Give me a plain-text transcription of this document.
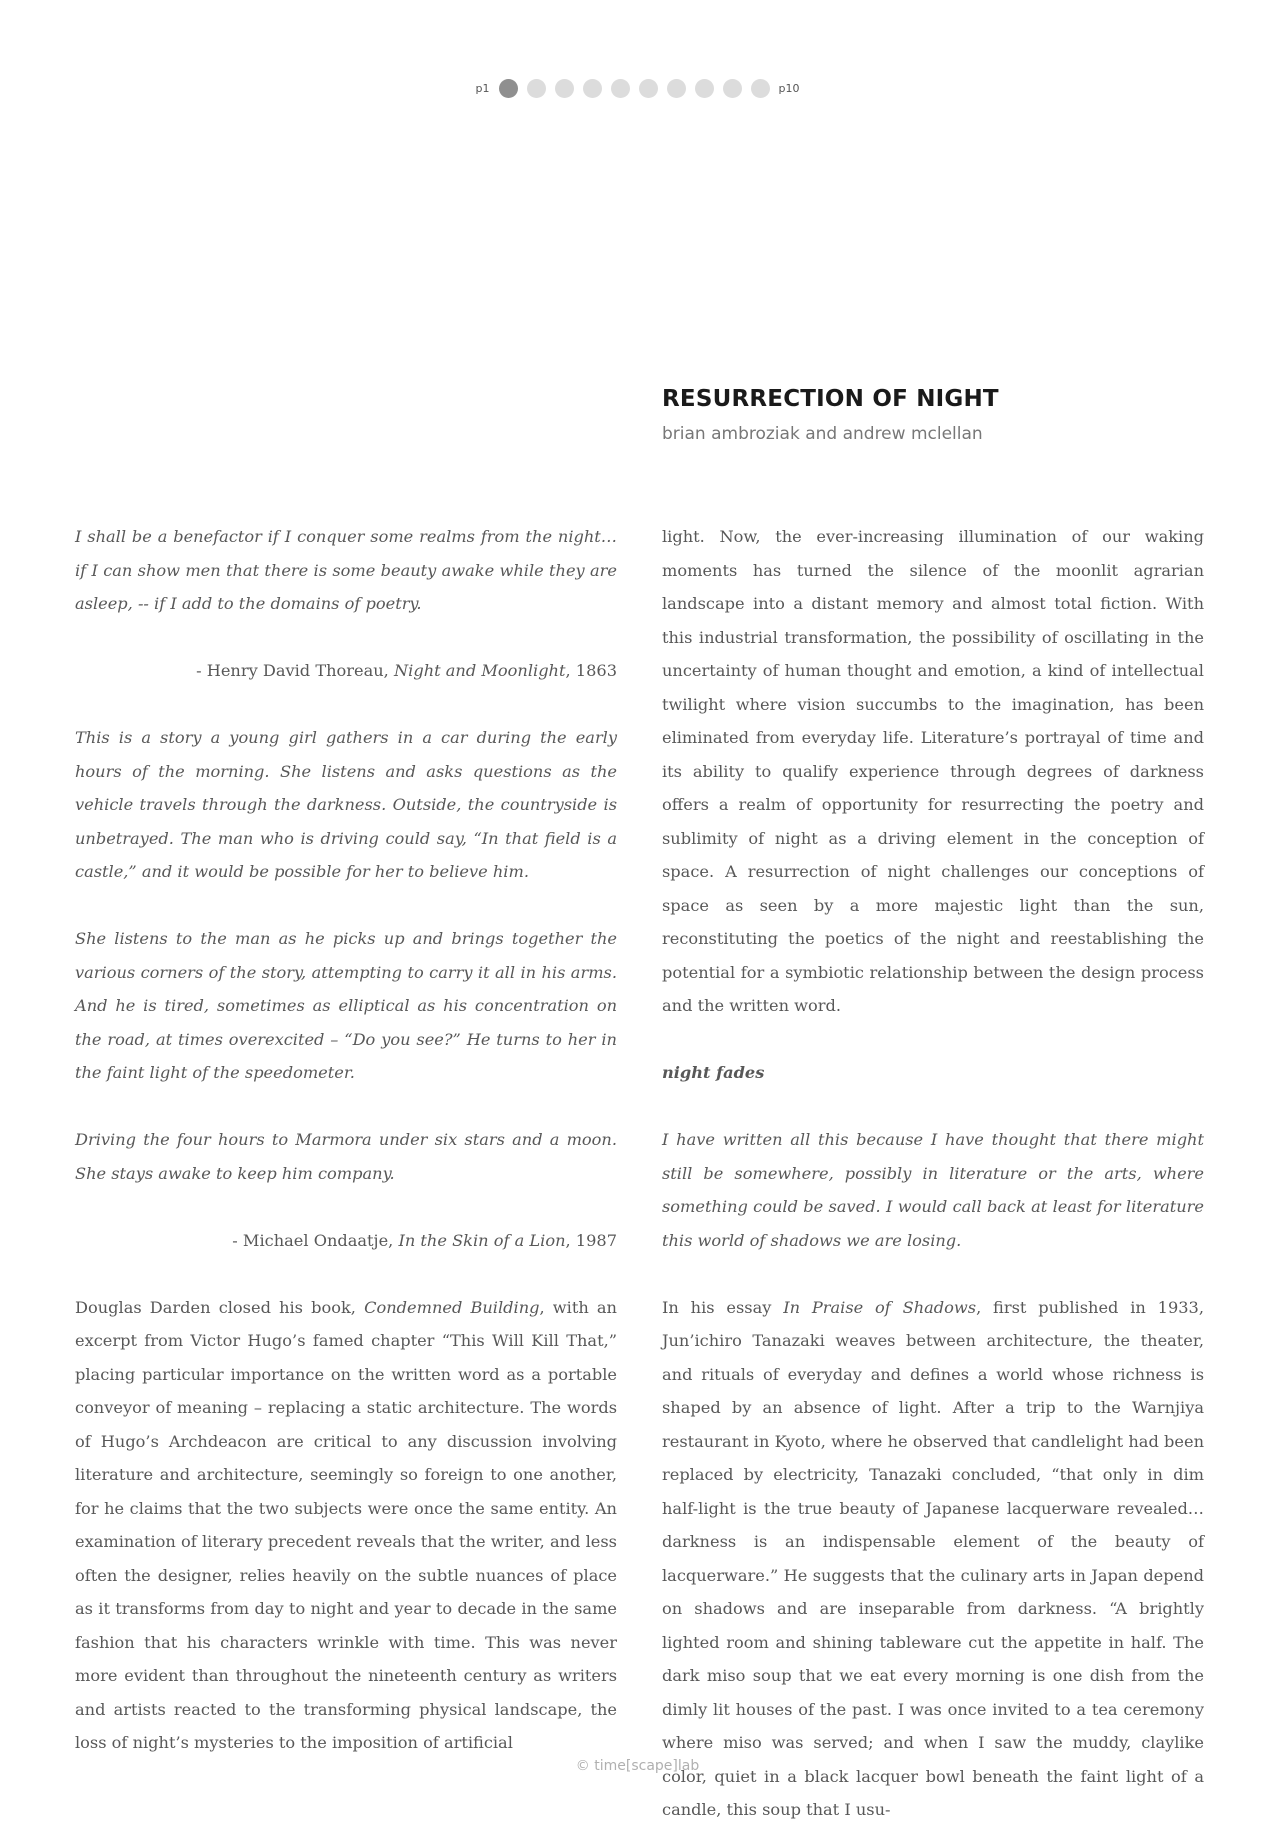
p1	p10
RESURRECTION OF NIGHT
brian ambroziak and andrew mclellan

I shall be a benefactor if I conquer some realms from the night…if I can show men that there is some beauty awake while they are asleep, -- if I add to the domains of poetry.

- Henry David Thoreau, Night and Moonlight, 1863

This is a story a young girl gathers in a car during the early hours of the morning. She listens and asks questions as the vehicle travels through the darkness. Outside, the countryside is unbetrayed. The man who is driving could say, “In that field is a castle,” and it would be possible for her to believe him.

She listens to the man as he picks up and brings together the various corners of the story, attempting to carry it all in his arms. And he is tired, sometimes as elliptical as his concentration on the road, at times overexcited – “Do you see?” He turns to her in the faint light of the speedometer.

Driving the four hours to Marmora under six stars and a moon. She stays awake to keep him company.

- Michael Ondaatje, In the Skin of a Lion, 1987

Douglas Darden closed his book, Condemned Building, with an excerpt from Victor Hugo’s famed chapter “This Will Kill That,” placing particular importance on the written word as a portable conveyor of meaning – replacing a static architecture. The words of Hugo’s Archdeacon are critical to any discussion involving literature and architecture, seemingly so foreign to one another, for he claims that the two subjects were once the same entity. An examination of literary precedent reveals that the writer, and less often the designer, relies heavily on the subtle nuances of place as it transforms from day to night and year to decade in the same fashion that his characters wrinkle with time. This was never more evident than throughout the nineteenth century as writers and artists reacted to the transforming physical landscape, the loss of night’s mysteries to the imposition of artificial

light. Now, the ever-increasing illumination of our waking moments has turned the silence of the moonlit agrarian landscape into a distant memory and almost total fiction. With this industrial transformation, the possibility of oscillating in the uncertainty of human thought and emotion, a kind of intellectual twilight where vision succumbs to the imagination, has been eliminated from everyday life. Literature’s portrayal of time and its ability to qualify experience through degrees of darkness offers a realm of opportunity for resurrecting the poetry and sublimity of night as a driving element in the conception of space. A resurrection of night challenges our conceptions of space as seen by a more majestic light than the sun, reconstituting the poetics of the night and reestablishing the potential for a symbiotic relationship between the design process and the written word.

night fades

I have written all this because I have thought that there might still be somewhere, possibly in literature or the arts, where something could be saved. I would call back at least for literature this world of shadows we are losing.

In his essay In Praise of Shadows, first published in 1933, Jun’ichiro Tanazaki weaves between architecture, the theater, and rituals of everyday and defines a world whose richness is shaped by an absence of light. After a trip to the Warnjiya restaurant in Kyoto, where he observed that candlelight had been replaced by electricity, Tanazaki concluded, “that only in dim half-light is the true beauty of Japanese lacquerware revealed… darkness is an indispensable element of the beauty of lacquerware.” He suggests that the culinary arts in Japan depend on shadows and are inseparable from darkness. “A brightly lighted room and shining tableware cut the appetite in half. The dark miso soup that we eat every morning is one dish from the dimly lit houses of the past. I was once invited to a tea ceremony where miso was served; and when I saw the muddy, claylike color, quiet in a black lacquer bowl beneath the faint light of a candle, this soup that I usu-

© time[scape]lab
